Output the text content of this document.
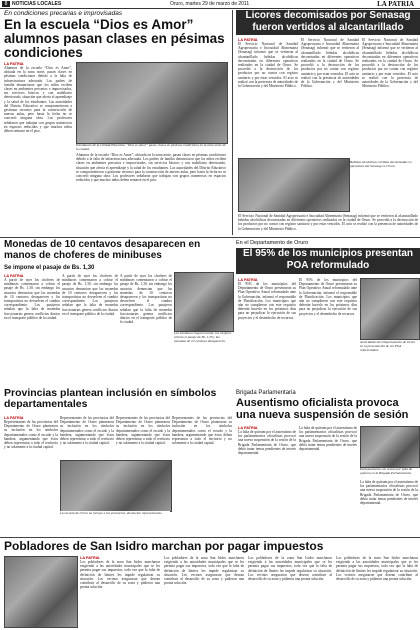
8 NOTICIAS LOCALES	Oruro, martes 29 de marzo de 2011	LA PATRIA
En condiciones precarias e improvisadas
En la escuela “Dios es Amor” alumnos pasan clases en pésimas condiciones
LA PATRIA
Alumnos de la escuela “Dios es Amor”, ubicada en la zona norte, pasan clases en pésimas condiciones debido a la falta de infraestructura adecuada. Los padres de familia denunciaron que los niños reciben clases en ambientes precarios e improvisados, sin servicios básicos y con mobiliario deteriorado, situación que afecta el aprendizaje y la salud de los estudiantes. Las autoridades del Distrito Educativo se comprometieron a gestionar recursos para la construcción de nuevas aulas, pero hasta la fecha no se concretó ninguna obra. Los profesores señalaron que trabajan con grupos numerosos en espacios reducidos y que muchos niños deben sentarse en el piso.
Estudiantes de la Unidad Educativa “Dios es Amor” pasan clases en pésimas condiciones en la zona norte de la ciudad.
Alumnos de la escuela “Dios es Amor”, ubicada en la zona norte, pasan clases en pésimas condiciones debido a la falta de infraestructura adecuada. Los padres de familia denunciaron que los niños reciben clases en ambientes precarios e improvisados, sin servicios básicos y con mobiliario deteriorado, situación que afecta el aprendizaje y la salud de los estudiantes. Las autoridades del Distrito Educativo se comprometieron a gestionar recursos para la construcción de nuevas aulas, pero hasta la fecha no se concretó ninguna obra. Los profesores señalaron que trabajan con grupos numerosos en espacios reducidos y que muchos niños deben sentarse en el piso.
Licores decomisados por Senasag fueron vertidos al alcantarillado
LA PATRIA
El Servicio Nacional de Sanidad Agropecuaria e Inocuidad Alimentaria (Senasag) informó que se vertieron al alcantarillado bebidas alcohólicas decomisadas en diferentes operativos realizados en la ciudad de Oruro. Se procedió a la destrucción de los productos por no contar con registro sanitario y por estar vencidos. El acto se realizó con la presencia de autoridades de la Gobernación y del Ministerio Público.
El Servicio Nacional de Sanidad Agropecuaria e Inocuidad Alimentaria (Senasag) informó que se vertieron al alcantarillado bebidas alcohólicas decomisadas en diferentes operativos realizados en la ciudad de Oruro. Se procedió a la destrucción de los productos por no contar con registro sanitario y por estar vencidos. El acto se realizó con la presencia de autoridades de la Gobernación y del Ministerio Público.
El Servicio Nacional de Sanidad Agropecuaria e Inocuidad Alimentaria (Senasag) informó que se vertieron al alcantarillado bebidas alcohólicas decomisadas en diferentes operativos realizados en la ciudad de Oruro. Se procedió a la destrucción de los productos por no contar con registro sanitario y por estar vencidos. El acto se realizó con la presencia de autoridades de la Gobernación y del Ministerio Público.
Bebidas alcohólicas vertidas decomisadas en operativos del Senasag en Oruro.
El Servicio Nacional de Sanidad Agropecuaria e Inocuidad Alimentaria (Senasag) informó que se vertieron al alcantarillado bebidas alcohólicas decomisadas en diferentes operativos realizados en la ciudad de Oruro. Se procedió a la destrucción de los productos por no contar con registro sanitario y por estar vencidos. El acto se realizó con la presencia de autoridades de la Gobernación y del Ministerio Público.
Monedas de 10 centavos desaparecen en manos de choferes de minibuses
Se impone el pasaje de Bs. 1,30
LA PATRIA
A partir de ayer los choferes de minibuses comenzaron a cobrar el pasaje de Bs. 1,30, sin embargo los usuarios denuncian que las monedas de 10 centavos desaparecen y los transportistas no devuelven el cambio correspondiente. Los pasajeros señalan que la falta de monedas fraccionarias genera conflictos diarios en el transporte público de la ciudad.
A partir de ayer los choferes de minibuses comenzaron a cobrar el pasaje de Bs. 1,30, sin embargo los usuarios denuncian que las monedas de 10 centavos desaparecen y los transportistas no devuelven el cambio correspondiente. Los pasajeros señalan que la falta de monedas fraccionarias genera conflictos diarios en el transporte público de la ciudad.
A partir de ayer los choferes de minibuses comenzaron a cobrar el pasaje de Bs. 1,30, sin embargo los usuarios denuncian que las monedas de 10 centavos desaparecen y los transportistas no devuelven el cambio correspondiente. Los pasajeros señalan que la falta de monedas fraccionarias genera conflictos diarios en el transporte público de la ciudad.
Los minibuses llegaron tarde, los choferes cobran el pasaje de Bs. 1,30 y las monedas de 10 centavos desaparecen.
En el Departamento de Oruro
El 95% de los municipios presentan POA reformulado
LA PATRIA
El 95% de los municipios del Departamento de Oruro presentaron su Plan Operativo Anual reformulado ante la Gobernación, informó el responsable de Planificación. Los municipios que aún no cumplieron con este requisito deberán hacerlo en los próximos días para no perjudicar la ejecución de sus proyectos y el desembolso de recursos.
El 95% de los municipios del Departamento de Oruro presentaron su Plan Operativo Anual reformulado ante la Gobernación, informó el responsable de Planificación. Los municipios que aún no cumplieron con este requisito deberán hacerlo en los próximos días para no perjudicar la ejecución de sus proyectos y el desembolso de recursos.
Autoridades del Departamento de Oruro en la presentación de los POA reformulados.
Provincias plantean inclusión en símbolos departamentales
LA PATRIA
Representantes de las provincias del Departamento de Oruro plantearon su inclusión en los símbolos departamentales como el escudo y la bandera, argumentando que éstos deben representar a todo el territorio y no solamente a la ciudad capital.
Representantes de las provincias del Departamento de Oruro plantearon su inclusión en los símbolos departamentales como el escudo y la bandera, argumentando que éstos deben representar a todo el territorio y no solamente a la ciudad capital.
Representantes de las provincias del Departamento de Oruro plantearon su inclusión en los símbolos departamentales como el escudo y la bandera, argumentando que éstos deben representar a todo el territorio y no solamente a la ciudad capital.
Representantes de las provincias del Departamento de Oruro plantearon su inclusión en los símbolos departamentales como el escudo y la bandera, argumentando que éstos deben representar a todo el territorio y no solamente a la ciudad capital.
La escuela de Oruro no incluye a las provincias, denuncian representantes.
Brigada Parlamentaria
Ausentismo oficialista provoca una nueva suspensión de sesión
LA PATRIA
La falta de quórum por el ausentismo de los parlamentarios oficialistas provocó una nueva suspensión de la sesión de la Brigada Parlamentaria de Oruro, que debía tratar temas pendientes de interés departamental.
La falta de quórum por el ausentismo de los parlamentarios oficialistas provocó una nueva suspensión de la sesión de la Brigada Parlamentaria de Oruro, que debía tratar temas pendientes de interés departamental.
Parlamentarios sin sesión por falta de quórum en la Brigada Parlamentaria.
La falta de quórum por el ausentismo de los parlamentarios oficialistas provocó una nueva suspensión de la sesión de la Brigada Parlamentaria de Oruro, que debía tratar temas pendientes de interés departamental.
Pobladores de San Isidro marchan por pagar impuestos
LA PATRIA
Los pobladores de la zona San Isidro marcharon exigiendo a las autoridades municipales que se les permita pagar sus impuestos, toda vez que la falta de definición de límites les impide regularizar su situación. Los vecinos aseguraron que desean contribuir al desarrollo de su zona y pidieron una pronta solución.
Los pobladores de la zona San Isidro marcharon exigiendo a las autoridades municipales que se les permita pagar sus impuestos, toda vez que la falta de definición de límites les impide regularizar su situación. Los vecinos aseguraron que desean contribuir al desarrollo de su zona y pidieron una pronta solución.
Los pobladores de la zona San Isidro marcharon exigiendo a las autoridades municipales que se les permita pagar sus impuestos, toda vez que la falta de definición de límites les impide regularizar su situación. Los vecinos aseguraron que desean contribuir al desarrollo de su zona y pidieron una pronta solución.
Los pobladores de la zona San Isidro marcharon exigiendo a las autoridades municipales que se les permita pagar sus impuestos, toda vez que la falta de definición de límites les impide regularizar su situación. Los vecinos aseguraron que desean contribuir al desarrollo de su zona y pidieron una pronta solución.
